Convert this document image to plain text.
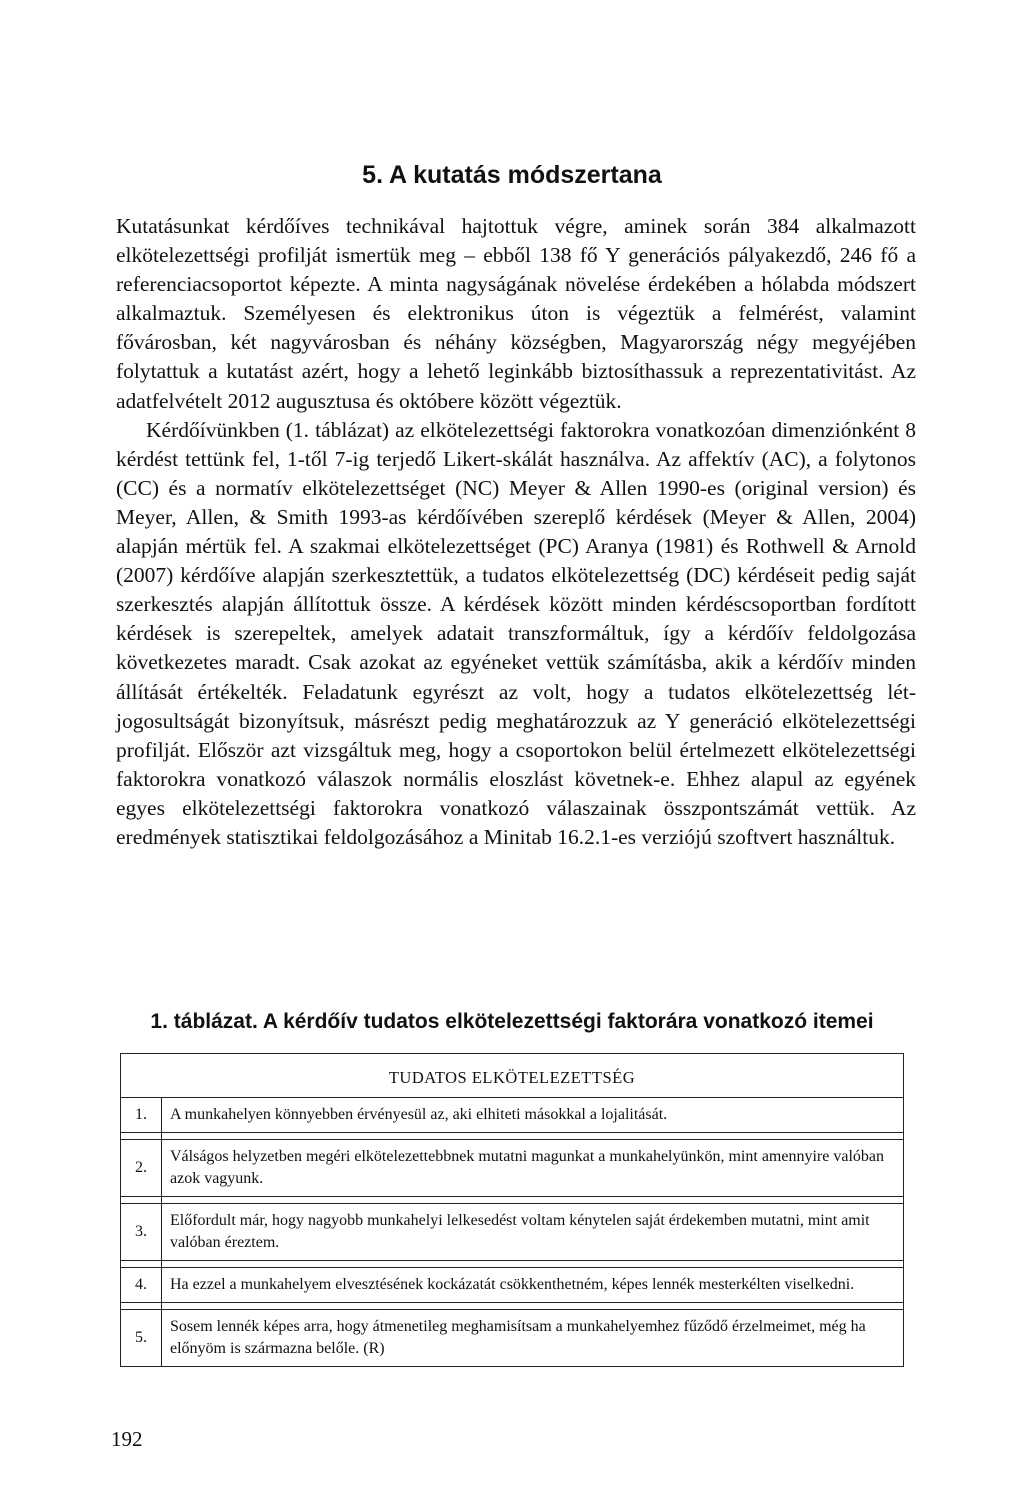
5. A kutatás módszertana

Kutatásunkat kérdőíves technikával hajtottuk végre, aminek során 384 alkalmazott elkötelezettségi profilját ismertük meg – ebből 138 fő Y generációs pályakezdő, 246 fő a referenciacsoportot képezte. A minta nagyságának növelése érdekében a hólabda módszert alkalmaztuk. Személyesen és elektronikus úton is végeztük a felmérést, valamint fővárosban, két nagyvárosban és néhány községben, Magyarország négy megyéjében folytattuk a kutatást azért, hogy a lehető leginkább biztosíthassuk a reprezentativitást. Az adatfelvételt 2012 augusztusa és októbere között végeztük.

Kérdőívünkben (1. táblázat) az elkötelezettségi faktorokra vonatkozóan dimenziónként 8 kérdést tettünk fel, 1-től 7-ig terjedő Likert-skálát használva. Az affektív (AC), a folytonos (CC) és a normatív elkötelezettséget (NC) Meyer & Allen 1990-es (original version) és Meyer, Allen, & Smith 1993-as kérdőívében szereplő kérdések (Meyer & Allen, 2004) alapján mértük fel. A szakmai elkötelezettséget (PC) Aranya (1981) és Rothwell & Arnold (2007) kérdőíve alapján szerkesztettük, a tudatos elkötelezettség (DC) kérdéseit pedig saját szerkesztés alapján állítottuk össze. A kérdések között minden kérdéscsoportban fordított kérdések is szerepeltek, amelyek adatait transzformáltuk, így a kérdőív feldolgozása következetes maradt. Csak azokat az egyéneket vettük számításba, akik a kérdőív minden állítását értékelték. Feladatunk egyrészt az volt, hogy a tudatos elkötelezettség létjogosultságát bizonyítsuk, másrészt pedig meghatározzuk az Y generáció elkötelezettségi profilját. Először azt vizsgáltuk meg, hogy a csoportokon belül értelmezett elkötelezettségi faktorokra vonatkozó válaszok normális eloszlást követnek-e. Ehhez alapul az egyének egyes elkötelezettségi faktorokra vonatkozó válaszainak összpontszámát vettük. Az eredmények statisztikai feldolgozásához a Minitab 16.2.1-es verziójú szoftvert használtuk.

1. táblázat. A kérdőív tudatos elkötelezettségi faktorára vonatkozó itemei
TUDATOS ELKÖTELEZETTSÉG	
1.	A munkahelyen könnyebben érvényesül az, aki elhiteti másokkal a lojalitását.

2.	Válságos helyzetben megéri elkötelezettebbnek mutatni magunkat a munkahelyünkön, mint amennyire valóban azok vagyunk.

3.	Előfordult már, hogy nagyobb munkahelyi lelkesedést voltam kénytelen saját érdekemben mutatni, mint amit valóban éreztem.

4.	Ha ezzel a munkahelyem elvesztésének kockázatát csökkenthetném, képes lennék mesterkélten viselkedni.

5.	Sosem lennék képes arra, hogy átmenetileg meghamisítsam a munkahelyemhez fűződő érzelmeimet, még ha előnyöm is származna belőle. (R)

192
